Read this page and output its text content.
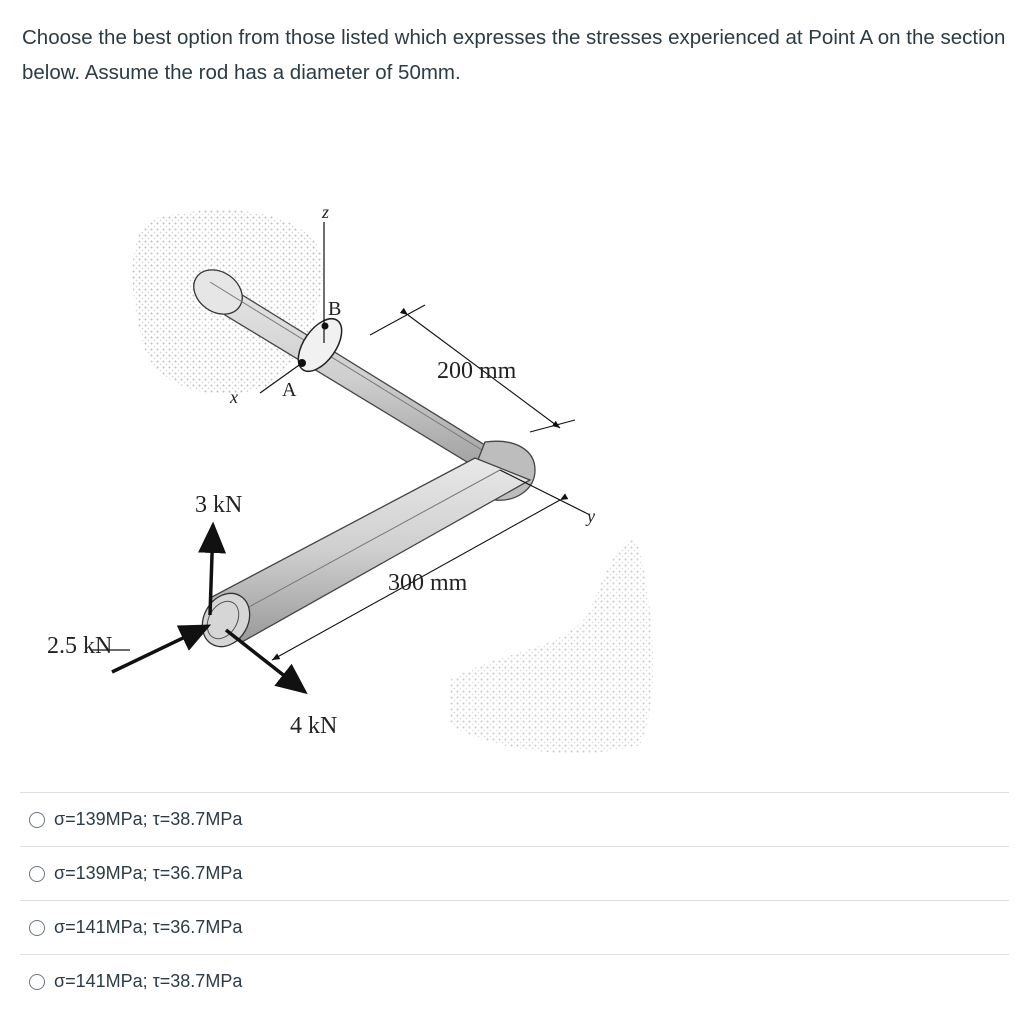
Choose the best option from those listed which expresses the stresses experienced at Point A on the section below. Assume the rod has a diameter of 50mm.
z
B
A
x
y
200 mm
300 mm
3 kN
2.5 kN
4 kN
σ=139MPa; τ=38.7MPa
σ=139MPa; τ=36.7MPa
σ=141MPa; τ=36.7MPa
σ=141MPa; τ=38.7MPa
